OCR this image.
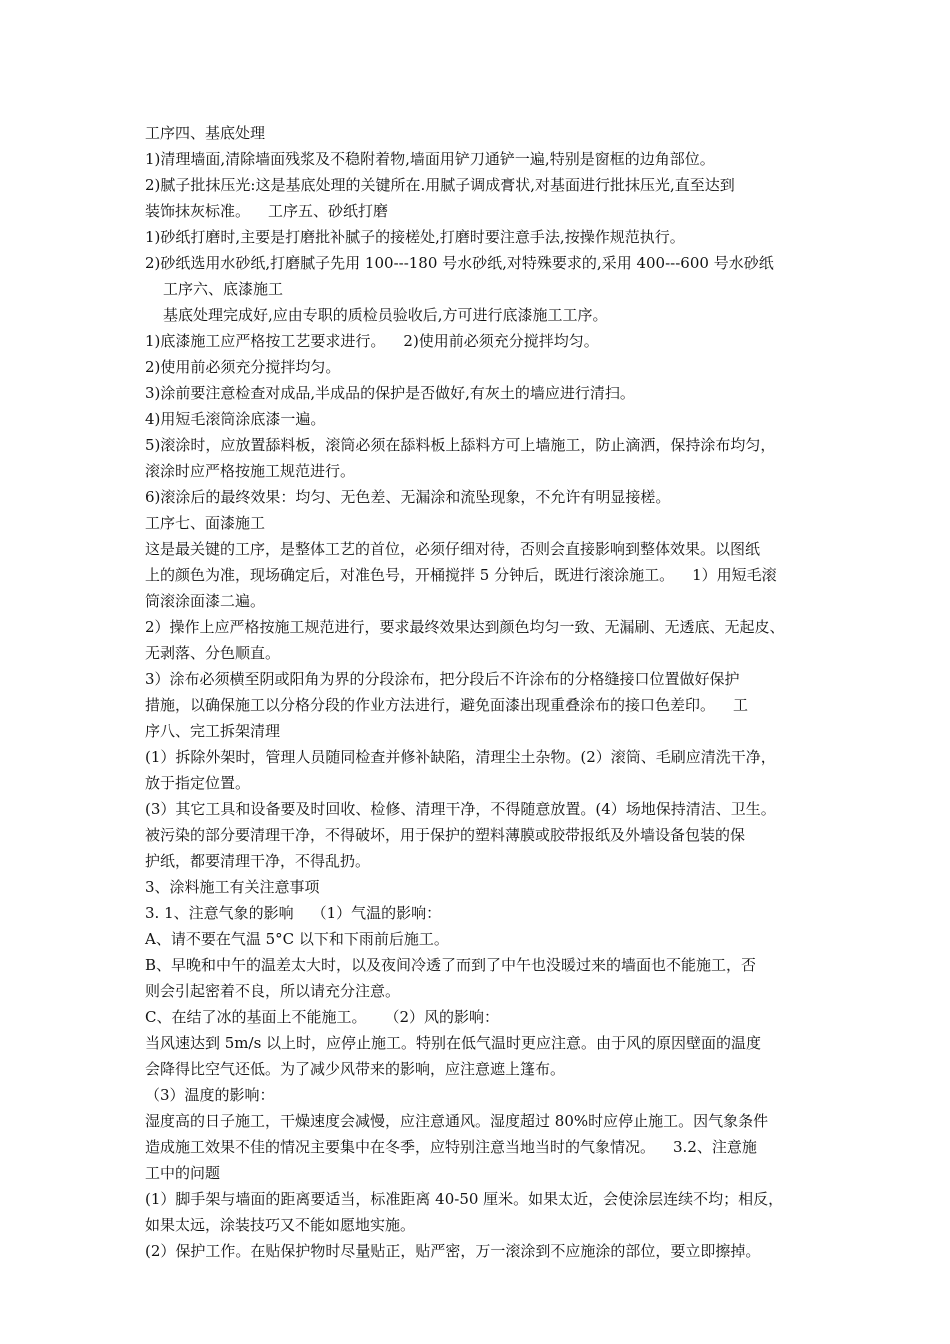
工序四、基底处理
1)清理墙面,清除墙面残浆及不稳附着物,墙面用铲刀通铲一遍,特别是窗框的边角部位。
2)腻子批抹压光:这是基底处理的关键所在.用腻子调成膏状,对基面进行批抹压光,直至达到
装饰抹灰标准。 工序五、砂纸打磨
1)砂纸打磨时,主要是打磨批补腻子的接槎处,打磨时要注意手法,按操作规范执行。
2)砂纸选用水砂纸,打磨腻子先用 100---180 号水砂纸,对特殊要求的,采用 400---600 号水砂纸
工序六、底漆施工
基底处理完成好,应由专职的质检员验收后,方可进行底漆施工工序。
1)底漆施工应严格按工艺要求进行。 2)使用前必须充分搅拌均匀。
2)使用前必须充分搅拌均匀。
3)涂前要注意检查对成品,半成品的保护是否做好,有灰土的墙应进行清扫。
4)用短毛滚筒涂底漆一遍。
5)滚涂时，应放置舔料板，滚筒必须在舔料板上舔料方可上墙施工，防止滴洒，保持涂布均匀，
滚涂时应严格按施工规范进行。
6)滚涂后的最终效果：均匀、无色差、无漏涂和流坠现象，不允许有明显接槎。
工序七、面漆施工
这是最关键的工序，是整体工艺的首位，必须仔细对待，否则会直接影响到整体效果。以图纸
上的颜色为准，现场确定后，对准色号，开桶搅拌 5 分钟后，既进行滚涂施工。 1）用短毛滚
筒滚涂面漆二遍。
2）操作上应严格按施工规范进行，要求最终效果达到颜色均匀一致、无漏刷、无透底、无起皮、
无剥落、分色顺直。
3）涂布必须横至阴或阳角为界的分段涂布，把分段后不许涂布的分格缝接口位置做好保护
措施，以确保施工以分格分段的作业方法进行，避免面漆出现重叠涂布的接口色差印。 工
序八、完工拆架清理
(1）拆除外架时，管理人员随同检查并修补缺陷，清理尘土杂物。(2）滚筒、毛刷应清洗干净，
放于指定位置。
(3）其它工具和设备要及时回收、检修、清理干净，不得随意放置。(4）场地保持清洁、卫生。
被污染的部分要清理干净，不得破坏，用于保护的塑料薄膜或胶带报纸及外墙设备包装的保
护纸，都要清理干净，不得乱扔。
3、涂料施工有关注意事项
3. 1、注意气象的影响 （1）气温的影响：
A、请不要在气温 5°C 以下和下雨前后施工。
B、早晚和中午的温差太大时，以及夜间冷透了而到了中午也没暖过来的墙面也不能施工，否
则会引起密着不良，所以请充分注意。
C、在结了冰的基面上不能施工。 （2）风的影响：
当风速达到 5m/s 以上时，应停止施工。特别在低气温时更应注意。由于风的原因壁面的温度
会降得比空气还低。为了减少风带来的影响，应注意遮上篷布。
（3）温度的影响：
湿度高的日子施工，干燥速度会减慢，应注意通风。湿度超过 80%时应停止施工。因气象条件
造成施工效果不佳的情况主要集中在冬季，应特别注意当地当时的气象情况。 3.2、注意施
工中的问题
(1）脚手架与墙面的距离要适当，标准距离 40-50 厘米。如果太近，会使涂层连续不均；相反，
如果太远，涂装技巧又不能如愿地实施。
(2）保护工作。在贴保护物时尽量贴正，贴严密，万一滚涂到不应施涂的部位，要立即擦掉。
